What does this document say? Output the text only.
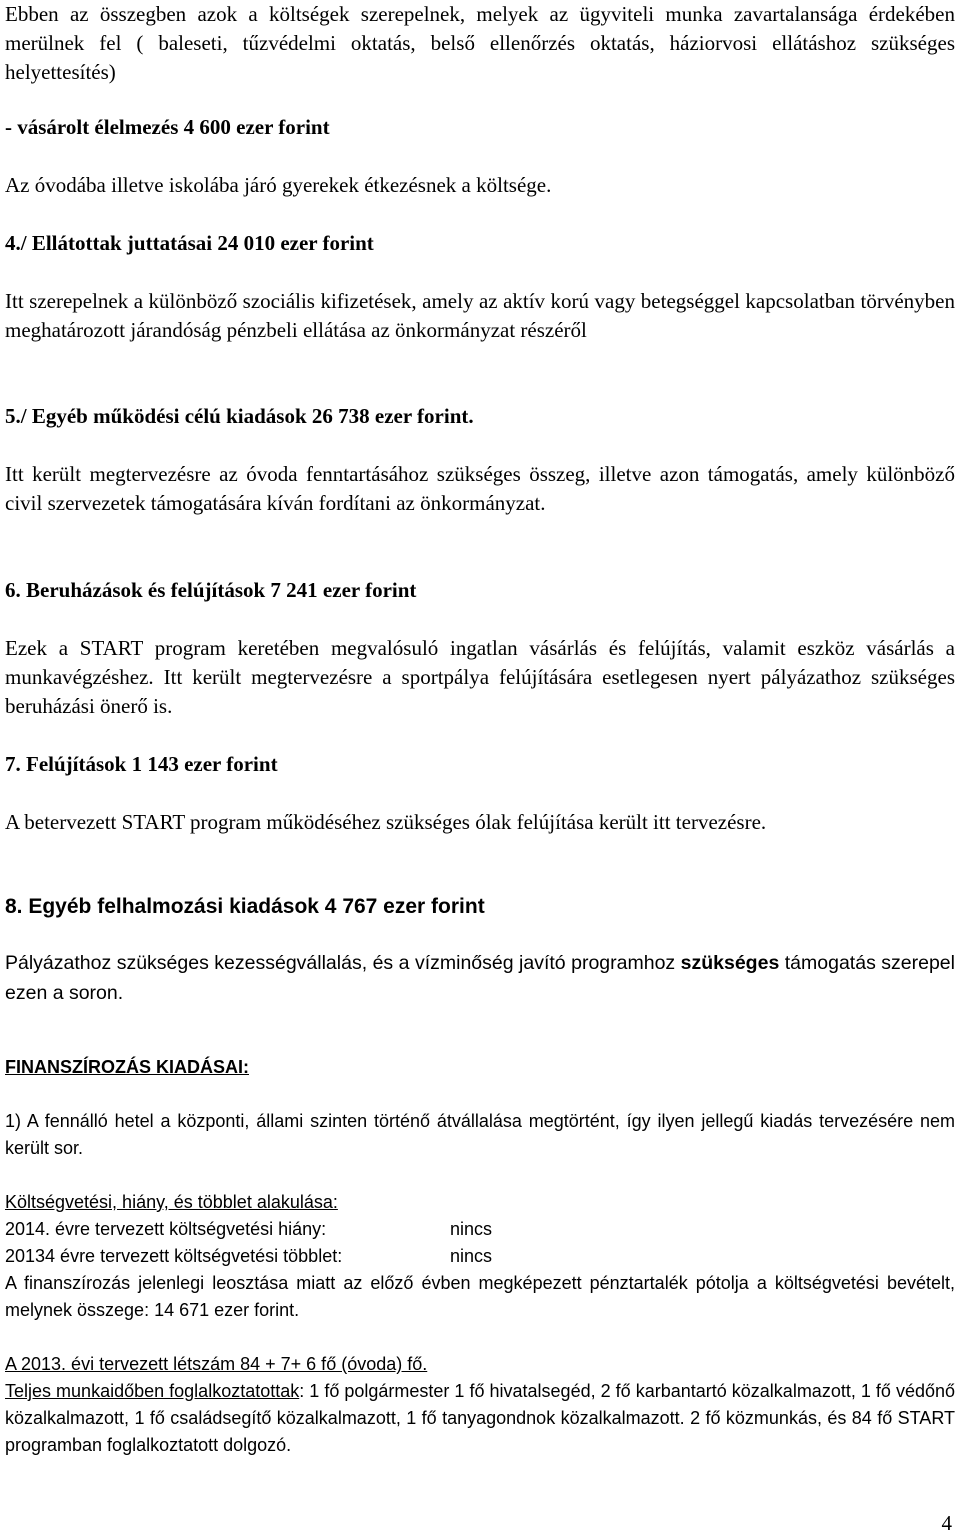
Ebben az összegben azok a költségek szerepelnek, melyek az ügyviteli munka zavartalansága érdekében merülnek fel ( baleseti, tűzvédelmi oktatás, belső ellenőrzés oktatás, háziorvosi ellátáshoz szükséges helyettesítés)

- vásárolt élelmezés 4 600 ezer forint

Az óvodába illetve iskolába járó gyerekek étkezésnek a költsége.

4./ Ellátottak juttatásai 24 010 ezer forint

Itt szerepelnek a különböző szociális kifizetések, amely az aktív korú vagy betegséggel kapcsolatban törvényben meghatározott járandóság pénzbeli ellátása az önkormányzat részéről

5./ Egyéb működési célú kiadások 26 738 ezer forint.

Itt került megtervezésre az óvoda fenntartásához szükséges összeg, illetve azon támogatás, amely különböző civil szervezetek támogatására kíván fordítani az önkormányzat.

6. Beruházások és felújítások 7 241 ezer forint

Ezek a START program keretében megvalósuló ingatlan vásárlás és felújítás, valamit eszköz vásárlás a munkavégzéshez. Itt került megtervezésre a sportpálya felújítására esetlegesen nyert pályázathoz szükséges beruházási önerő is.

7. Felújítások 1 143 ezer forint

A betervezett START program működéséhez szükséges ólak felújítása került itt tervezésre.

8. Egyéb felhalmozási kiadások 4 767 ezer forint

Pályázathoz szükséges kezességvállalás, és a vízminőség javító programhoz szükséges támogatás szerepel ezen a soron.

FINANSZÍROZÁS KIADÁSAI:

1) A fennálló hetel a központi, állami szinten történő átvállalása megtörtént, így ilyen jellegű kiadás tervezésére nem került sor.

Költségvetési, hiány, és többlet alakulása:

2014. évre tervezett költségvetési hiány:	nincs
20134 évre tervezett költségvetési többlet:	nincs

A finanszírozás jelenlegi leosztása miatt az előző évben megképezett pénztartalék pótolja a költségvetési bevételt, melynek összege: 14 671 ezer forint.

A 2013. évi tervezett létszám 84 + 7+ 6 fő (óvoda) fő.

Teljes munkaidőben foglalkoztatottak: 1 fő polgármester 1 fő hivatalsegéd, 2 fő karbantartó közalkalmazott, 1 fő védőnő közalkalmazott, 1 fő családsegítő közalkalmazott, 1 fő tanyagondnok közalkalmazott. 2 fő közmunkás, és 84 fő START programban foglalkoztatott dolgozó.

4
